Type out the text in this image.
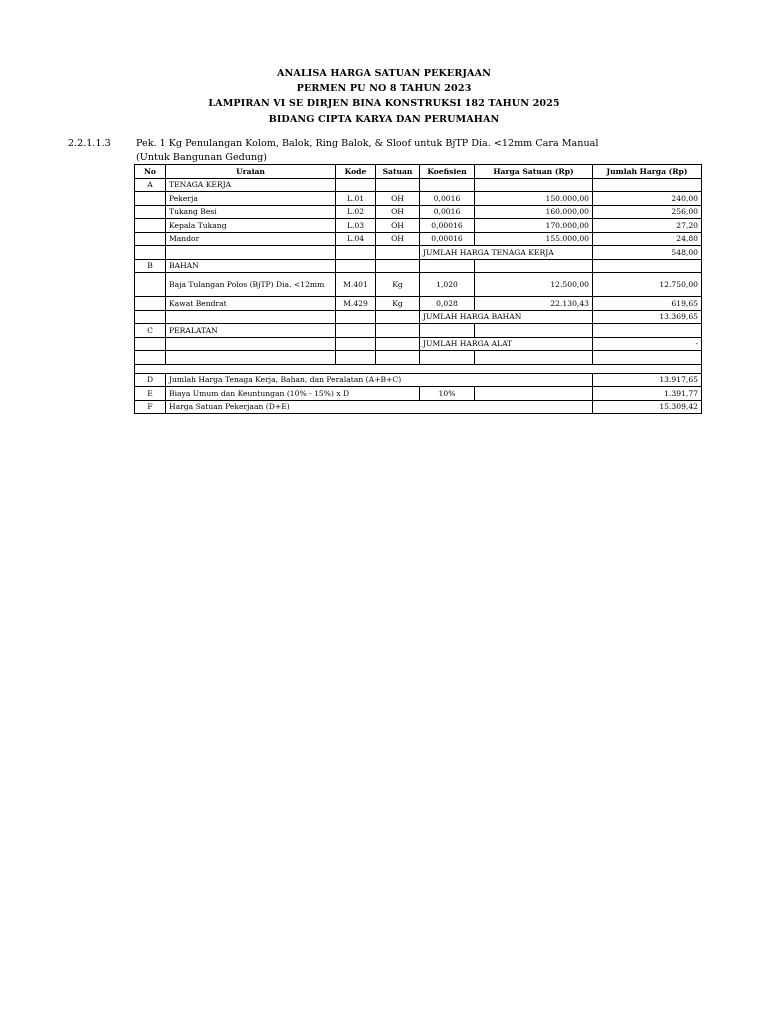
ANALISA HARGA SATUAN PEKERJAAN
PERMEN PU NO 8 TAHUN 2023
LAMPIRAN VI SE DIRJEN BINA KONSTRUKSI 182 TAHUN 2025
BIDANG CIPTA KARYA DAN PERUMAHAN
2.2.1.1.3	Pek. 1 Kg Penulangan Kolom, Balok, Ring Balok, & Sloof untuk BjTP Dia. <12mm Cara Manual
(Untuk Bangunan Gedung)
No	Uraian	Kode	Satuan	Koefisien	Harga Satuan (Rp)	Jumlah Harga (Rp)
A	TENAGA KERJA					
	Pekerja	L.01	OH	0,0016	150.000,00	240,00
	Tukang Besi	L.02	OH	0,0016	160.000,00	256,00
	Kepala Tukang	L.03	OH	0,00016	170.000,00	27,20
	Mandor	L.04	OH	0,00016	155.000,00	24,80
				JUMLAH HARGA TENAGA KERJA		548,00
B	BAHAN					
	Baja Tulangan Polos (BjTP) Dia. <12mm	M.401	Kg	1,020	12.500,00	12.750,00
	Kawat Bendrat	M.429	Kg	0,028	22.130,43	619,65
				JUMLAH HARGA BAHAN		13.369,65
C	PERALATAN					
				JUMLAH HARGA ALAT		-

D	Jumlah Harga Tenaga Kerja, Bahan, dan Peralatan (A+B+C)					13.917,65
E	Biaya Umum dan Keuntungan (10% - 15%) x D			10%		1.391,77
F	Harga Satuan Pekerjaan (D+E)					15.309,42
